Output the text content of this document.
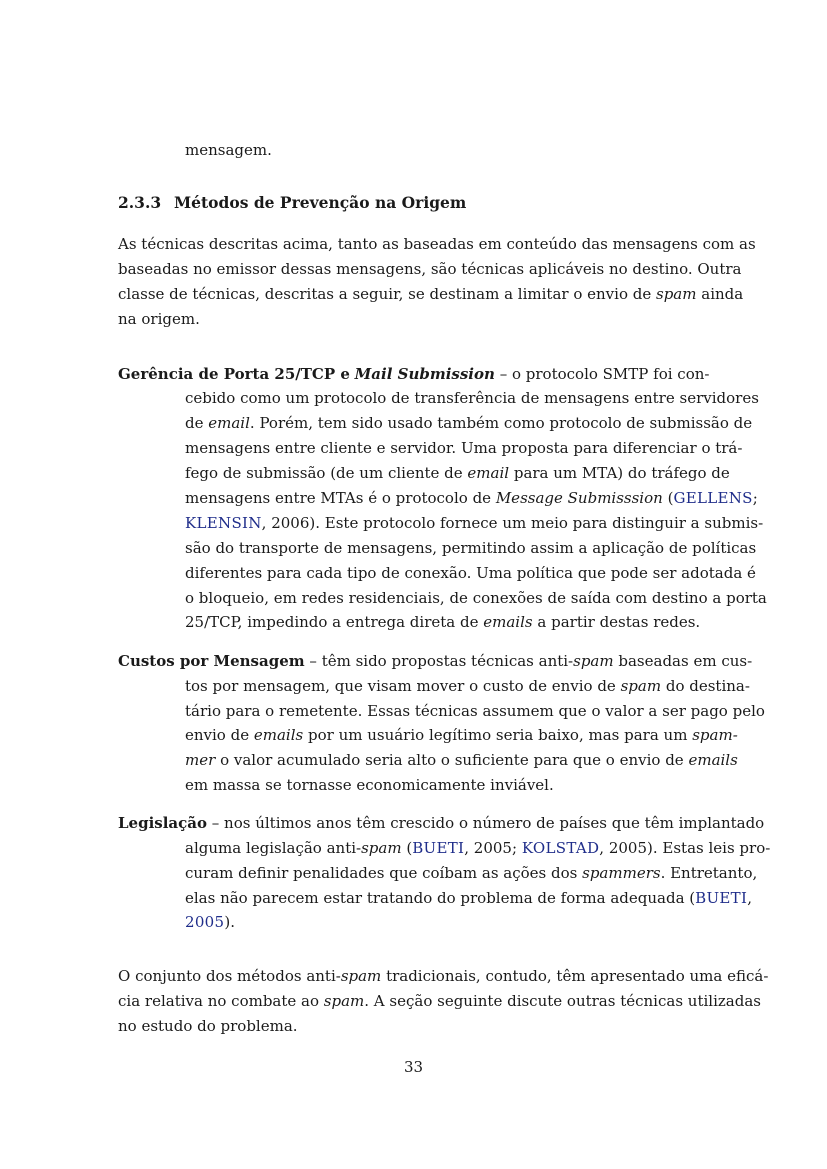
mensagem.
2.3.3 Métodos de Prevenção na Origem
As técnicas descritas acima, tanto as baseadas em conteúdo das mensagens com as
baseadas no emissor dessas mensagens, são técnicas aplicáveis no destino. Outra
classe de técnicas, descritas a seguir, se destinam a limitar o envio de spam ainda
na origem.
Gerência de Porta 25/TCP e Mail Submission – o protocolo SMTP foi con-
cebido como um protocolo de transferência de mensagens entre servidores
de email. Porém, tem sido usado também como protocolo de submissão de
mensagens entre cliente e servidor. Uma proposta para diferenciar o trá-
fego de submissão (de um cliente de email para um MTA) do tráfego de
mensagens entre MTAs é o protocolo de Message Submisssion (GELLENS;
KLENSIN, 2006). Este protocolo fornece um meio para distinguir a submis-
são do transporte de mensagens, permitindo assim a aplicação de políticas
diferentes para cada tipo de conexão. Uma política que pode ser adotada é
o bloqueio, em redes residenciais, de conexões de saída com destino a porta
25/TCP, impedindo a entrega direta de emails a partir destas redes.
Custos por Mensagem – têm sido propostas técnicas anti-spam baseadas em cus-
tos por mensagem, que visam mover o custo de envio de spam do destina-
tário para o remetente. Essas técnicas assumem que o valor a ser pago pelo
envio de emails por um usuário legítimo seria baixo, mas para um spam-
mer o valor acumulado seria alto o suficiente para que o envio de emails
em massa se tornasse economicamente inviável.
Legislação – nos últimos anos têm crescido o número de países que têm implantado
alguma legislação anti-spam (BUETI, 2005; KOLSTAD, 2005). Estas leis pro-
curam definir penalidades que coíbam as ações dos spammers. Entretanto,
elas não parecem estar tratando do problema de forma adequada (BUETI,
2005).
O conjunto dos métodos anti-spam tradicionais, contudo, têm apresentado uma eficá-
cia relativa no combate ao spam. A seção seguinte discute outras técnicas utilizadas
no estudo do problema.
33
